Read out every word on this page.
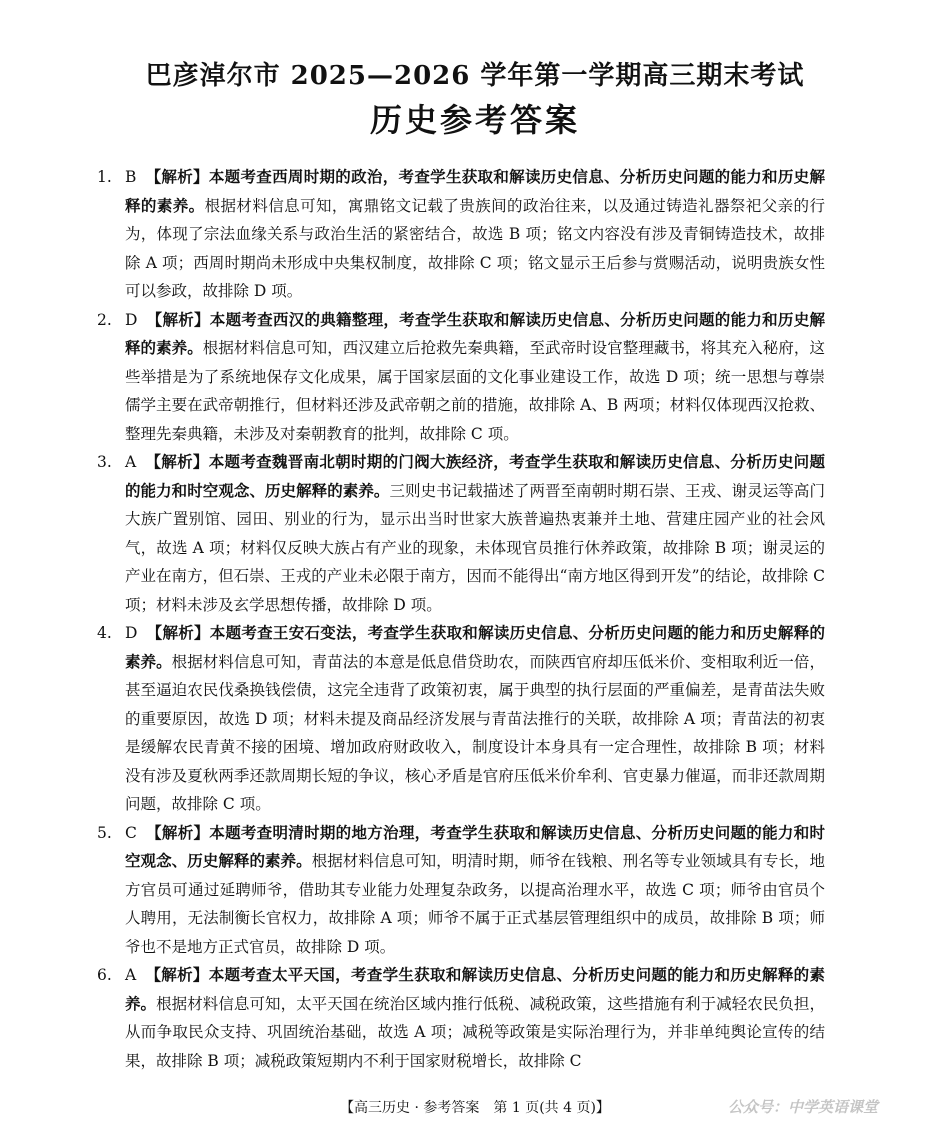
巴彦淖尔市 2025—2026 学年第一学期高三期末考试
历史参考答案
1. B 【解析】本题考查西周时期的政治，考查学生获取和解读历史信息、分析历史问题的能力和历史解释的素养。根据材料信息可知，寓鼎铭文记载了贵族间的政治往来，以及通过铸造礼器祭祀父亲的行为，体现了宗法血缘关系与政治生活的紧密结合，故选 B 项；铭文内容没有涉及青铜铸造技术，故排除 A 项；西周时期尚未形成中央集权制度，故排除 C 项；铭文显示王后参与赏赐活动，说明贵族女性可以参政，故排除 D 项。
2. D 【解析】本题考查西汉的典籍整理，考查学生获取和解读历史信息、分析历史问题的能力和历史解释的素养。根据材料信息可知，西汉建立后抢救先秦典籍，至武帝时设官整理藏书，将其充入秘府，这些举措是为了系统地保存文化成果，属于国家层面的文化事业建设工作，故选 D 项；统一思想与尊崇儒学主要在武帝朝推行，但材料还涉及武帝朝之前的措施，故排除 A、B 两项；材料仅体现西汉抢救、整理先秦典籍，未涉及对秦朝教育的批判，故排除 C 项。
3. A 【解析】本题考查魏晋南北朝时期的门阀大族经济，考查学生获取和解读历史信息、分析历史问题的能力和时空观念、历史解释的素养。三则史书记载描述了两晋至南朝时期石崇、王戎、谢灵运等高门大族广置别馆、园田、别业的行为，显示出当时世家大族普遍热衷兼并土地、营建庄园产业的社会风气，故选 A 项；材料仅反映大族占有产业的现象，未体现官员推行休养政策，故排除 B 项；谢灵运的产业在南方，但石崇、王戎的产业未必限于南方，因而不能得出“南方地区得到开发”的结论，故排除 C 项；材料未涉及玄学思想传播，故排除 D 项。
4. D 【解析】本题考查王安石变法，考查学生获取和解读历史信息、分析历史问题的能力和历史解释的素养。根据材料信息可知，青苗法的本意是低息借贷助农，而陕西官府却压低米价、变相取利近一倍，甚至逼迫农民伐桑换钱偿债，这完全违背了政策初衷，属于典型的执行层面的严重偏差，是青苗法失败的重要原因，故选 D 项；材料未提及商品经济发展与青苗法推行的关联，故排除 A 项；青苗法的初衷是缓解农民青黄不接的困境、增加政府财政收入，制度设计本身具有一定合理性，故排除 B 项；材料没有涉及夏秋两季还款周期长短的争议，核心矛盾是官府压低米价牟利、官吏暴力催逼，而非还款周期问题，故排除 C 项。
5. C 【解析】本题考查明清时期的地方治理，考查学生获取和解读历史信息、分析历史问题的能力和时空观念、历史解释的素养。根据材料信息可知，明清时期，师爷在钱粮、刑名等专业领域具有专长，地方官员可通过延聘师爷，借助其专业能力处理复杂政务，以提高治理水平，故选 C 项；师爷由官员个人聘用，无法制衡长官权力，故排除 A 项；师爷不属于正式基层管理组织中的成员，故排除 B 项；师爷也不是地方正式官员，故排除 D 项。
6. A 【解析】本题考查太平天国，考查学生获取和解读历史信息、分析历史问题的能力和历史解释的素养。根据材料信息可知，太平天国在统治区域内推行低税、减税政策，这些措施有利于减轻农民负担，从而争取民众支持、巩固统治基础，故选 A 项；减税等政策是实际治理行为，并非单纯舆论宣传的结果，故排除 B 项；减税政策短期内不利于国家财税增长，故排除 C
【高三历史 · 参考答案　第 1 页(共 4 页)】	公众号：中学英语课堂
